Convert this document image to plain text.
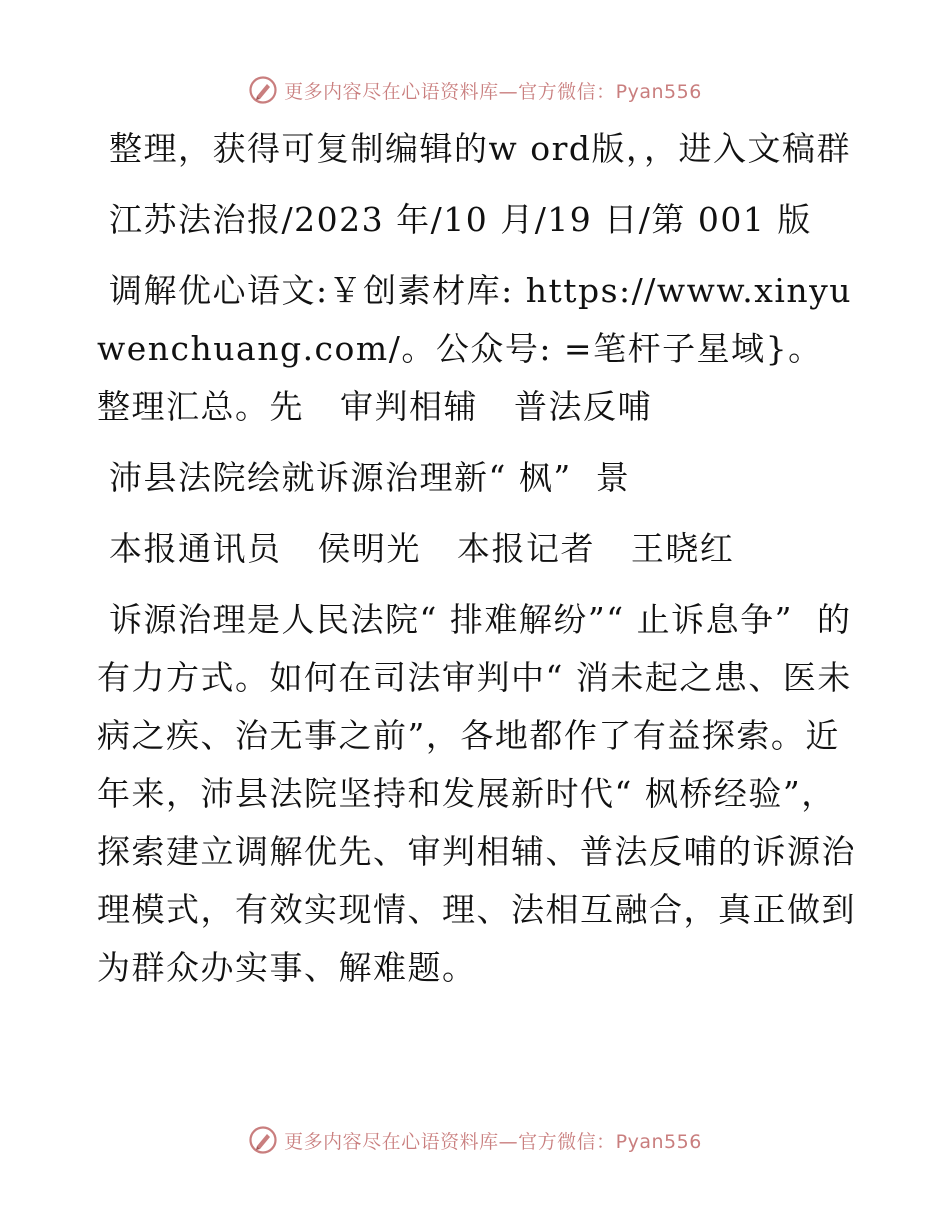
更多内容尽在心语资料库—官方微信：Pyan556

整理，获得可复制编辑的w ord版，，进入文稿群

江苏法治报/2023 年/10 月/19 日/第 001 版

调解优心语文:￥创素材库: https://www.xinyuwenchuang.com/。公众号: =笔杆子星域}。整理汇总。先   审判相辅   普法反哺

沛县法院绘就诉源治理新“ 枫”  景

本报通讯员   侯明光   本报记者   王晓红

诉源治理是人民法院“ 排难解纷”“ 止诉息争”  的有力方式。如何在司法审判中“ 消未起之患、医未病之疾、治无事之前”，各地都作了有益探索。近年来，沛县法院坚持和发展新时代“ 枫桥经验”，探索建立调解优先、审判相辅、普法反哺的诉源治理模式，有效实现情、理、法相互融合，真正做到为群众办实事、解难题。

更多内容尽在心语资料库—官方微信：Pyan556
